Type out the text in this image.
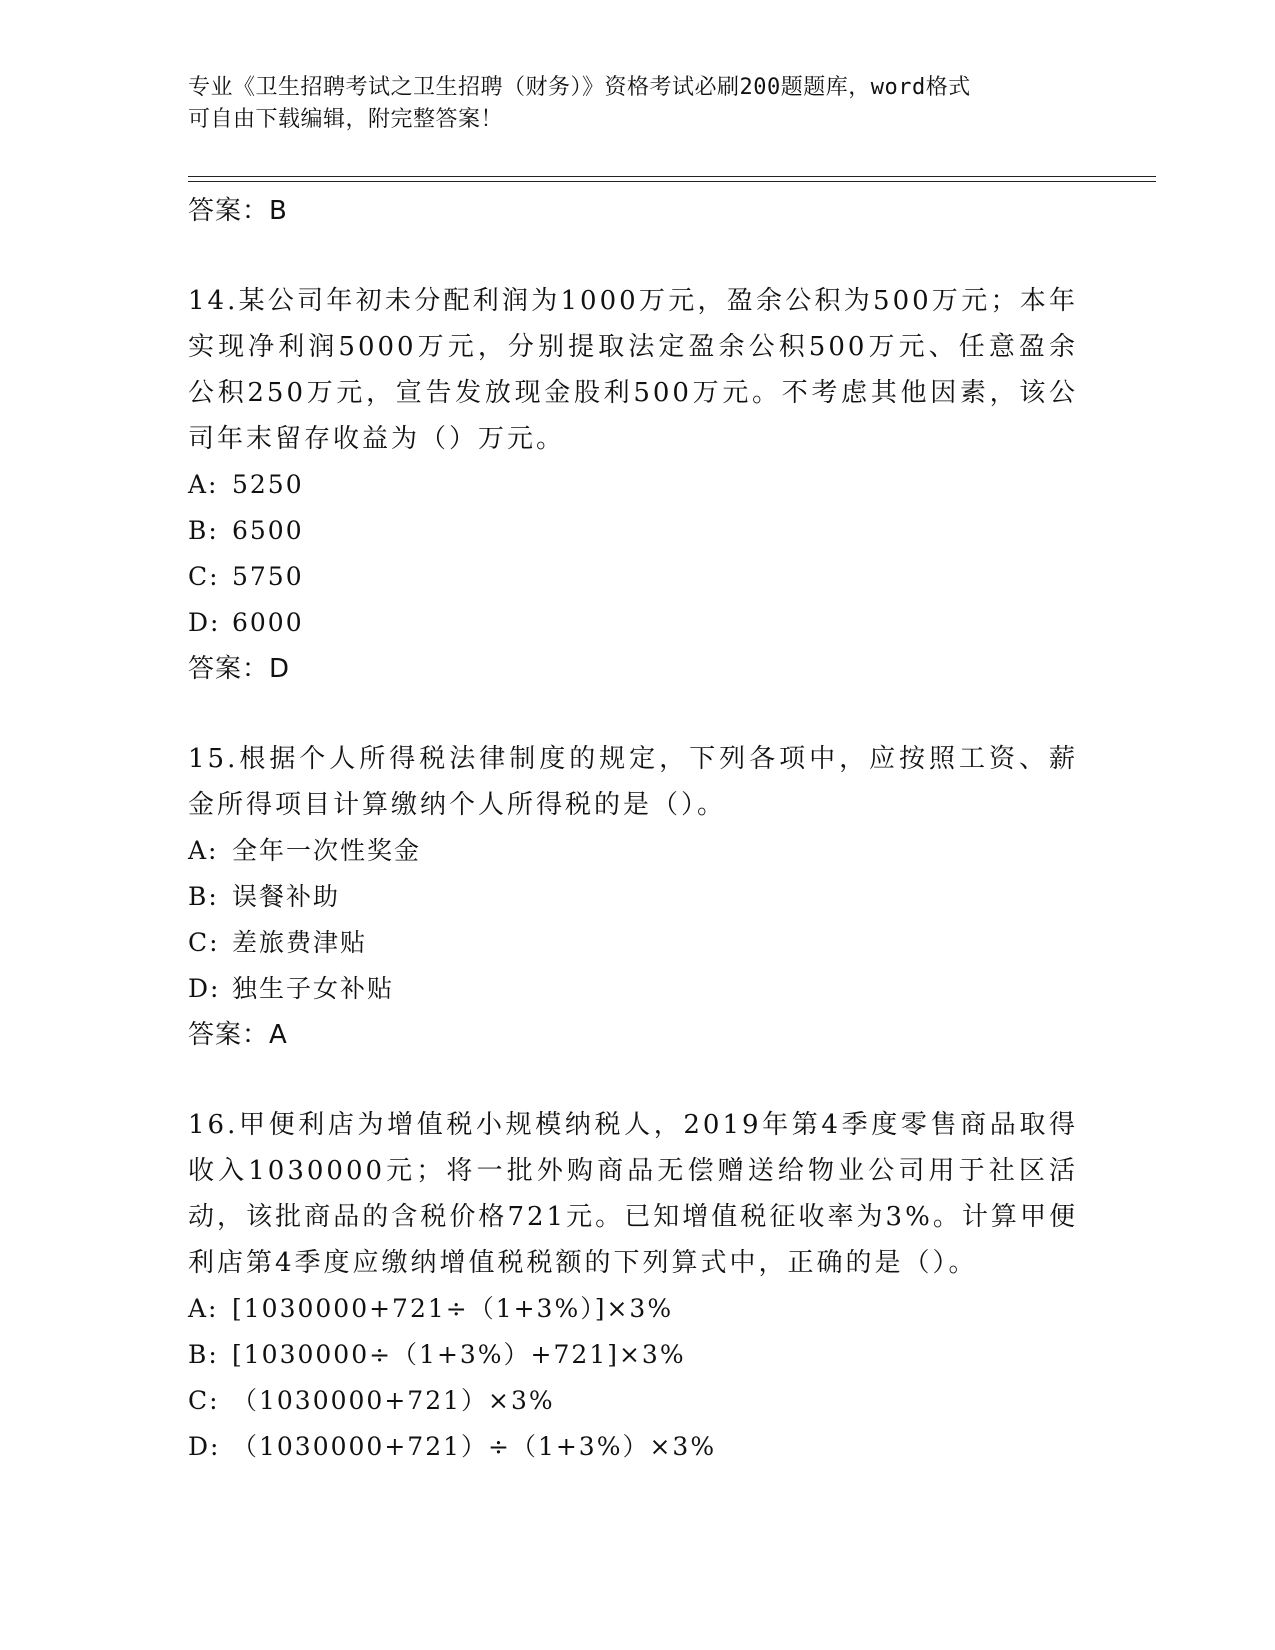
专业《卫生招聘考试之卫生招聘（财务）》资格考试必刷200题题库，word格式
可自由下载编辑，附完整答案！
答案：B
14.某公司年初未分配利润为1000万元，盈余公积为500万元；本年实现净利润5000万元，分别提取法定盈余公积500万元、任意盈余公积250万元，宣告发放现金股利500万元。不考虑其他因素，该公司年末留存收益为（）万元。
A: 5250
B: 6500
C: 5750
D: 6000
答案：D
15.根据个人所得税法律制度的规定，下列各项中，应按照工资、薪金所得项目计算缴纳个人所得税的是（）。
A: 全年一次性奖金
B: 误餐补助
C: 差旅费津贴
D: 独生子女补贴
答案：A
16.甲便利店为增值税小规模纳税人，2019年第4季度零售商品取得收入1030000元；将一批外购商品无偿赠送给物业公司用于社区活动，该批商品的含税价格721元。已知增值税征收率为3%。计算甲便利店第4季度应缴纳增值税税额的下列算式中，正确的是（）。
A: [1030000+721÷（1+3%）]×3%
B: [1030000÷（1+3%）+721]×3%
C: （1030000+721）×3%
D: （1030000+721）÷（1+3%）×3%
